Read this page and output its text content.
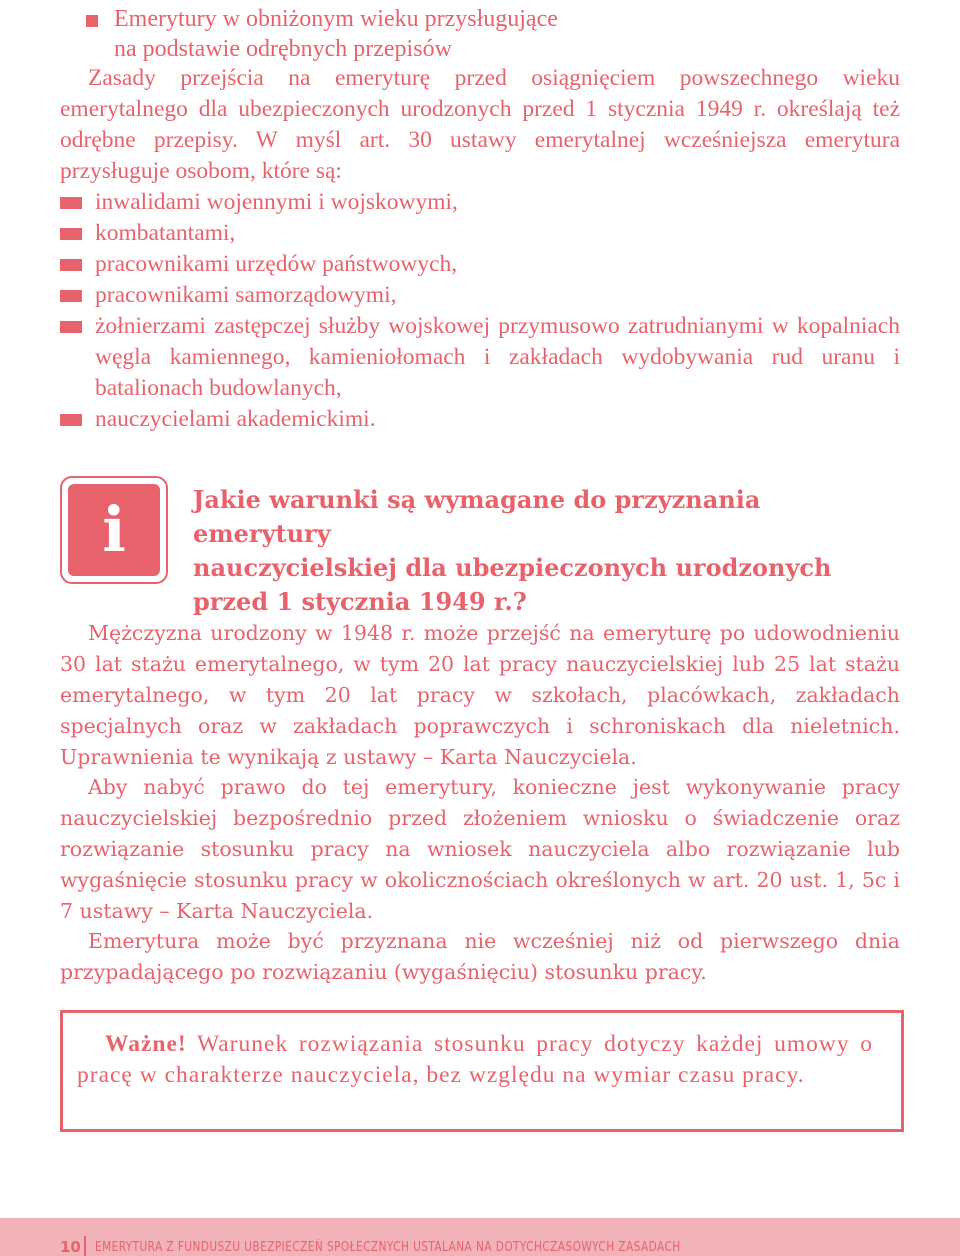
Emerytury w obniżonym wieku przysługujące
na podstawie odrębnych przepisów

Zasady przejścia na emeryturę przed osiągnięciem powszechnego wieku emerytalnego dla ubezpieczonych urodzonych przed 1 stycznia 1949 r. określają też odrębne przepisy. W myśl art. 30 ustawy emerytalnej wcześniejsza emerytura przysługuje osobom, które są:

inwalidami wojennymi i wojskowymi,
kombatantami,
pracownikami urzędów państwowych,
pracownikami samorządowymi,
żołnierzami zastępczej służby wojskowej przymusowo zatrudnianymi w kopalniach węgla kamiennego, kamieniołomach i zakładach wydobywania rud uranu i batalionach budowlanych,
nauczycielami akademickimi.
i	Jakie warunki są wymagane do przyznania emerytury
nauczycielskiej dla ubezpieczonych urodzonych
przed 1 stycznia 1949 r.?

Mężczyzna urodzony w 1948 r. może przejść na emeryturę po udowodnieniu 30 lat stażu emerytalnego, w tym 20 lat pracy nauczycielskiej lub 25 lat stażu emerytalnego, w tym 20 lat pracy w szkołach, placówkach, zakładach specjalnych oraz w zakładach poprawczych i schroniskach dla nieletnich. Uprawnienia te wynikają z ustawy – Karta Nauczyciela.

Aby nabyć prawo do tej emerytury, konieczne jest wykonywanie pracy nauczycielskiej bezpośrednio przed złożeniem wniosku o świadczenie oraz rozwiązanie stosunku pracy na wniosek nauczyciela albo rozwiązanie lub wygaśnięcie stosunku pracy w okolicznościach określonych w art. 20 ust. 1, 5c i 7 ustawy – Karta Nauczyciela.

Emerytura może być przyznana nie wcześniej niż od pierwszego dnia przypadającego po rozwiązaniu (wygaśnięciu) stosunku pracy.

Ważne! Warunek rozwiązania stosunku pracy dotyczy każdej umowy o pracę w charakterze nauczyciela, bez względu na wymiar czasu pracy.

10 EMERYTURA Z FUNDUSZU UBEZPIECZEŃ SPOŁECZNYCH USTALANA NA DOTYCHCZASOWYCH ZASADACH
